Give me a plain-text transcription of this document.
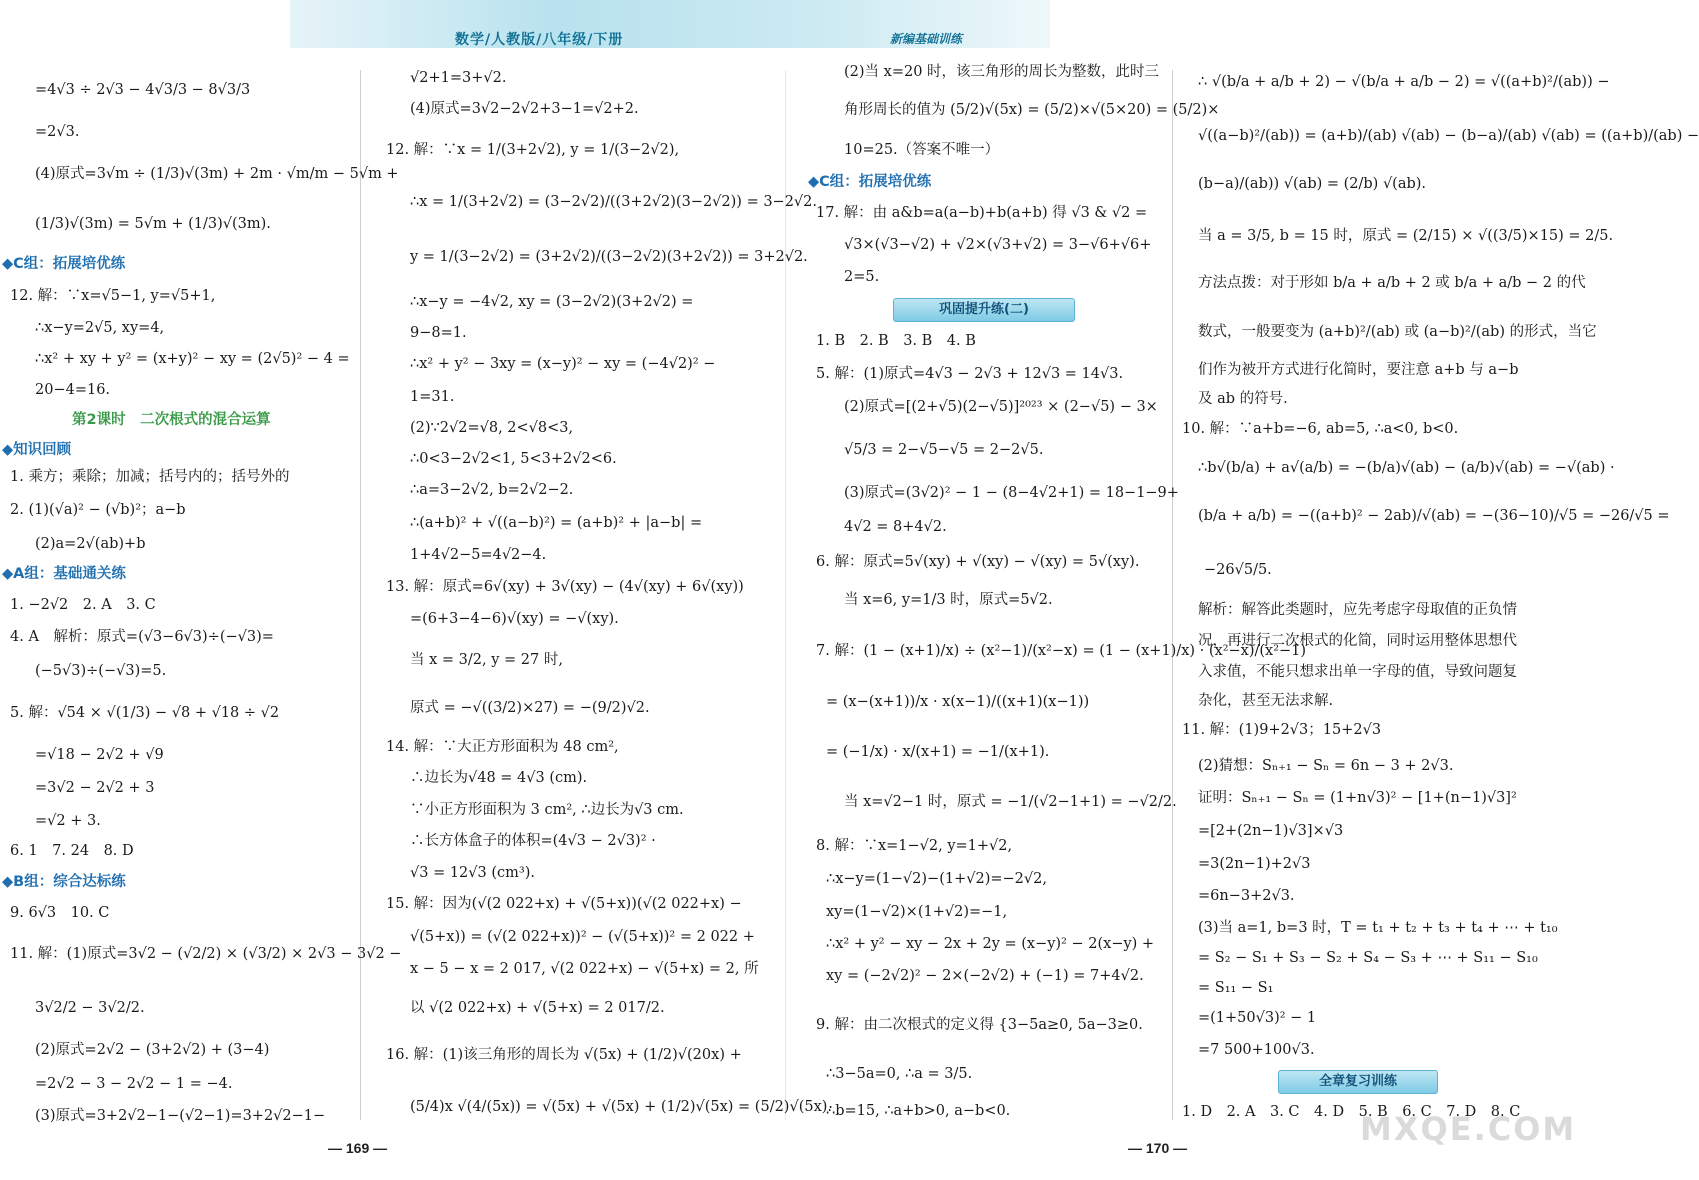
数学/人教版/八年级/下册	新编基础训练
=4√3 ÷ 2√3 − 4√3/3 − 8√3/3
=2√3.
(4)原式=3√m ÷ (1/3)√(3m) + 2m · √m/m − 5√m +
(1/3)√(3m) = 5√m + (1/3)√(3m).
◆C组：拓展培优练
12. 解：∵x=√5−1, y=√5+1,
∴x−y=2√5, xy=4,
∴x² + xy + y² = (x+y)² − xy = (2√5)² − 4 =
20−4=16.
第2课时　二次根式的混合运算
◆知识回顾
1. 乘方；乘除；加减；括号内的；括号外的
2. (1)(√a)² − (√b)²；a−b
(2)a=2√(ab)+b
◆A组：基础通关练
1. −2√2　2. A　3. C
4. A　解析：原式=(√3−6√3)÷(−√3)=
(−5√3)÷(−√3)=5.
5. 解：√54 × √(1/3) − √8 + √18 ÷ √2
=√18 − 2√2 + √9
=3√2 − 2√2 + 3
=√2 + 3.
6. 1　7. 24　8. D
◆B组：综合达标练
9. 6√3　10. C
11. 解：(1)原式=3√2 − (√2/2) × (√3/2) × 2√3 − 3√2 −
3√2/2 − 3√2/2.
(2)原式=2√2 − (3+2√2) + (3−4)
=2√2 − 3 − 2√2 − 1 = −4.
(3)原式=3+2√2−1−(√2−1)=3+2√2−1−
√2+1=3+√2.
(4)原式=3√2−2√2+3−1=√2+2.
12. 解：∵x = 1/(3+2√2), y = 1/(3−2√2),
∴x = 1/(3+2√2) = (3−2√2)/((3+2√2)(3−2√2)) = 3−2√2.
y = 1/(3−2√2) = (3+2√2)/((3−2√2)(3+2√2)) = 3+2√2.
∴x−y = −4√2, xy = (3−2√2)(3+2√2) =
9−8=1.
∴x² + y² − 3xy = (x−y)² − xy = (−4√2)² −
1=31.
(2)∵2√2=√8, 2<√8<3,
∴0<3−2√2<1, 5<3+2√2<6.
∴a=3−2√2, b=2√2−2.
∴(a+b)² + √((a−b)²) = (a+b)² + |a−b| =
1+4√2−5=4√2−4.
13. 解：原式=6√(xy) + 3√(xy) − (4√(xy) + 6√(xy))
=(6+3−4−6)√(xy) = −√(xy).
当 x = 3/2, y = 27 时,
原式 = −√((3/2)×27) = −(9/2)√2.
14. 解：∵大正方形面积为 48 cm²,
∴边长为√48 = 4√3 (cm).
∵小正方形面积为 3 cm², ∴边长为√3 cm.
∴长方体盒子的体积=(4√3 − 2√3)² ·
√3 = 12√3 (cm³).
15. 解：因为(√(2 022+x) + √(5+x))(√(2 022+x) −
√(5+x)) = (√(2 022+x))² − (√(5+x))² = 2 022 +
x − 5 − x = 2 017, √(2 022+x) − √(5+x) = 2, 所
以 √(2 022+x) + √(5+x) = 2 017/2.
16. 解：(1)该三角形的周长为 √(5x) + (1/2)√(20x) +
(5/4)x √(4/(5x)) = √(5x) + √(5x) + (1/2)√(5x) = (5/2)√(5x).
(2)当 x=20 时，该三角形的周长为整数，此时三
角形周长的值为 (5/2)√(5x) = (5/2)×√(5×20) = (5/2)×
10=25.（答案不唯一）
◆C组：拓展培优练
17. 解：由 a&b=a(a−b)+b(a+b) 得 √3 & √2 =
√3×(√3−√2) + √2×(√3+√2) = 3−√6+√6+
2=5.
巩固提升练(二)
1. B　2. B　3. B　4. B
5. 解：(1)原式=4√3 − 2√3 + 12√3 = 14√3.
(2)原式=[(2+√5)(2−√5)]²⁰²³ × (2−√5) − 3×
√5/3 = 2−√5−√5 = 2−2√5.
(3)原式=(3√2)² − 1 − (8−4√2+1) = 18−1−9+
4√2 = 8+4√2.
6. 解：原式=5√(xy) + √(xy) − √(xy) = 5√(xy).
当 x=6, y=1/3 时，原式=5√2.
7. 解：(1 − (x+1)/x) ÷ (x²−1)/(x²−x) = (1 − (x+1)/x) · (x²−x)/(x²−1)
= (x−(x+1))/x · x(x−1)/((x+1)(x−1))
= (−1/x) · x/(x+1) = −1/(x+1).
当 x=√2−1 时，原式 = −1/(√2−1+1) = −√2/2.
8. 解：∵x=1−√2, y=1+√2,
∴x−y=(1−√2)−(1+√2)=−2√2,
xy=(1−√2)×(1+√2)=−1,
∴x² + y² − xy − 2x + 2y = (x−y)² − 2(x−y) +
xy = (−2√2)² − 2×(−2√2) + (−1) = 7+4√2.
9. 解：由二次根式的定义得 {3−5a≥0, 5a−3≥0.
∴3−5a=0, ∴a = 3/5.
∴b=15, ∴a+b>0, a−b<0.
∴ √(b/a + a/b + 2) − √(b/a + a/b − 2) = √((a+b)²/(ab)) −
√((a−b)²/(ab)) = (a+b)/(ab) √(ab) − (b−a)/(ab) √(ab) = ((a+b)/(ab) −
(b−a)/(ab)) √(ab) = (2/b) √(ab).
当 a = 3/5, b = 15 时，原式 = (2/15) × √((3/5)×15) = 2/5.
方法点拨：对于形如 b/a + a/b + 2 或 b/a + a/b − 2 的代
数式，一般要变为 (a+b)²/(ab) 或 (a−b)²/(ab) 的形式，当它
们作为被开方式进行化简时，要注意 a+b 与 a−b
及 ab 的符号.
10. 解：∵a+b=−6, ab=5, ∴a<0, b<0.
∴b√(b/a) + a√(a/b) = −(b/a)√(ab) − (a/b)√(ab) = −√(ab) ·
(b/a + a/b) = −((a+b)² − 2ab)/√(ab) = −(36−10)/√5 = −26/√5 =
−26√5/5.
解析：解答此类题时，应先考虑字母取值的正负情
况，再进行二次根式的化简，同时运用整体思想代
入求值，不能只想求出单一字母的值，导致问题复
杂化，甚至无法求解.
11. 解：(1)9+2√3；15+2√3
(2)猜想：Sₙ₊₁ − Sₙ = 6n − 3 + 2√3.
证明：Sₙ₊₁ − Sₙ = (1+n√3)² − [1+(n−1)√3]²
=[2+(2n−1)√3]×√3
=3(2n−1)+2√3
=6n−3+2√3.
(3)当 a=1, b=3 时，T = t₁ + t₂ + t₃ + t₄ + ⋯ + t₁₀
= S₂ − S₁ + S₃ − S₂ + S₄ − S₃ + ⋯ + S₁₁ − S₁₀
= S₁₁ − S₁
=(1+50√3)² − 1
=7 500+100√3.
全章复习训练
1. D　2. A　3. C　4. D　5. B　6. C　7. D　8. C
— 169 —	— 170 —	MXQE.COM
